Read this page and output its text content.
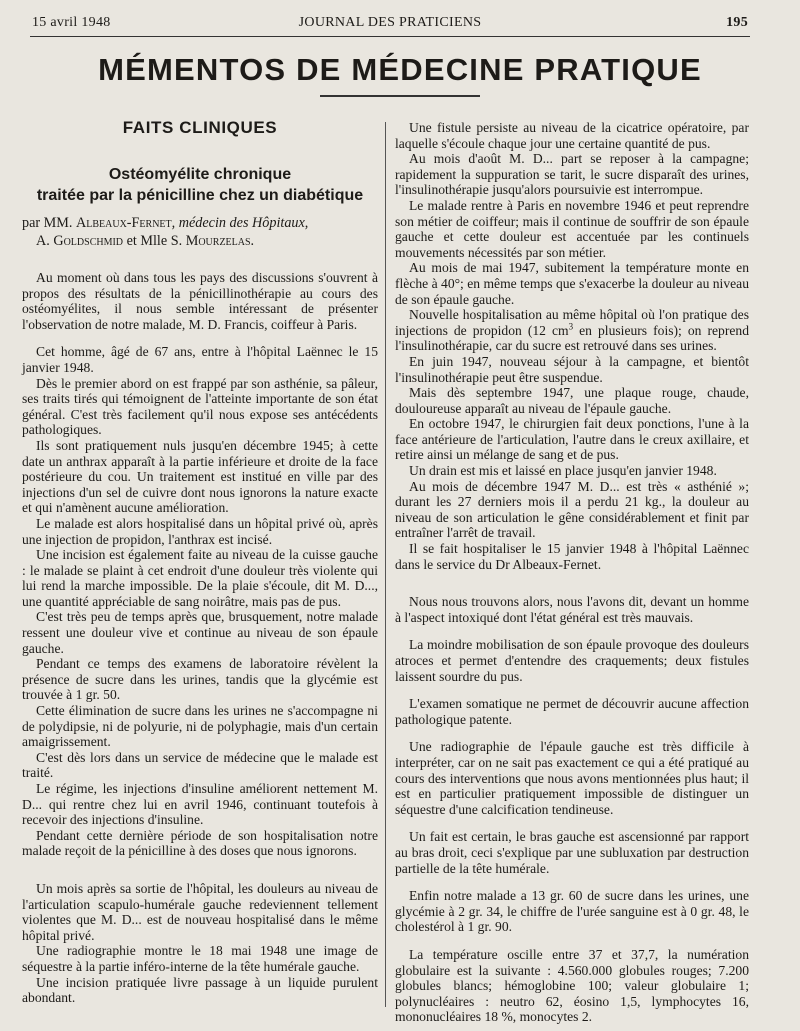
15 avril 1948	JOURNAL DES PRATICIENS	195
MÉMENTOS DE MÉDECINE PRATIQUE
FAITS CLINIQUES
Ostéomyélite chronique
traitée par la pénicilline chez un diabétique
par MM. Albeaux-Fernet, médecin des Hôpitaux,
A. Goldschmid et Mlle S. Mourzelas.

Au moment où dans tous les pays des discussions s'ouvrent à propos des résultats de la pénicillinothérapie au cours des ostéomyélites, il nous semble intéressant de présenter l'observation de notre malade, M. D. Francis, coiffeur à Paris.

Cet homme, âgé de 67 ans, entre à l'hôpital Laënnec le 15 janvier 1948.

Dès le premier abord on est frappé par son asthénie, sa pâleur, ses traits tirés qui témoignent de l'atteinte importante de son état général. C'est très facilement qu'il nous expose ses antécédents pathologiques.

Ils sont pratiquement nuls jusqu'en décembre 1945; à cette date un anthrax apparaît à la partie inférieure et droite de la face postérieure du cou. Un traitement est institué en ville par des injections d'un sel de cuivre dont nous ignorons la nature exacte et qui n'amènent aucune amélioration.

Le malade est alors hospitalisé dans un hôpital privé où, après une injection de propidon, l'anthrax est incisé.

Une incision est également faite au niveau de la cuisse gauche : le malade se plaint à cet endroit d'une douleur très violente qui lui rend la marche impossible. De la plaie s'écoule, dit M. D..., une quantité appréciable de sang noirâtre, mais pas de pus.

C'est très peu de temps après que, brusquement, notre malade ressent une douleur vive et continue au niveau de son épaule gauche.

Pendant ce temps des examens de laboratoire révèlent la présence de sucre dans les urines, tandis que la glycémie est trouvée à 1 gr. 50.

Cette élimination de sucre dans les urines ne s'accompagne ni de polydipsie, ni de polyurie, ni de polyphagie, mais d'un certain amaigrissement.

C'est dès lors dans un service de médecine que le malade est traité.

Le régime, les injections d'insuline améliorent nettement M. D... qui rentre chez lui en avril 1946, continuant toutefois à recevoir des injections d'insuline.

Pendant cette dernière période de son hospitalisation notre malade reçoit de la pénicilline à des doses que nous ignorons.

Un mois après sa sortie de l'hôpital, les douleurs au niveau de l'articulation scapulo-humérale gauche redeviennent tellement violentes que M. D... est de nouveau hospitalisé dans le même hôpital privé.

Une radiographie montre le 18 mai 1948 une image de séquestre à la partie inféro-interne de la tête humérale gauche.

Une incision pratiquée livre passage à un liquide purulent abondant.

Une fistule persiste au niveau de la cicatrice opératoire, par laquelle s'écoule chaque jour une certaine quantité de pus.

Au mois d'août M. D... part se reposer à la campagne; rapidement la suppuration se tarit, le sucre disparaît des urines, l'insulinothérapie jusqu'alors poursuivie est interrompue.

Le malade rentre à Paris en novembre 1946 et peut reprendre son métier de coiffeur; mais il continue de souffrir de son épaule gauche et cette douleur est accentuée par les continuels mouvements nécessités par son métier.

Au mois de mai 1947, subitement la température monte en flèche à 40°; en même temps que s'exacerbe la douleur au niveau de son épaule gauche.

Nouvelle hospitalisation au même hôpital où l'on pratique des injections de propidon (12 $cm^3$ en plusieurs fois); on reprend l'insulinothérapie, car du sucre est retrouvé dans ses urines.

En juin 1947, nouveau séjour à la campagne, et bientôt l'insulinothérapie peut être suspendue.

Mais dès septembre 1947, une plaque rouge, chaude, douloureuse apparaît au niveau de l'épaule gauche.

En octobre 1947, le chirurgien fait deux ponctions, l'une à la face antérieure de l'articulation, l'autre dans le creux axillaire, et retire ainsi un mélange de sang et de pus.

Un drain est mis et laissé en place jusqu'en janvier 1948.

Au mois de décembre 1947 M. D... est très « asthénié »; durant les 27 derniers mois il a perdu 21 kg., la douleur au niveau de son articulation le gêne considérablement et finit par entraîner l'arrêt de travail.

Il se fait hospitaliser le 15 janvier 1948 à l'hôpital Laënnec dans le service du Dr Albeaux-Fernet.

Nous nous trouvons alors, nous l'avons dit, devant un homme à l'aspect intoxiqué dont l'état général est très mauvais.

La moindre mobilisation de son épaule provoque des douleurs atroces et permet d'entendre des craquements; deux fistules laissent sourdre du pus.

L'examen somatique ne permet de découvrir aucune affection pathologique patente.

Une radiographie de l'épaule gauche est très difficile à interpréter, car on ne sait pas exactement ce qui a été pratiqué au cours des interventions que nous avons mentionnées plus haut; il est en particulier pratiquement impossible de distinguer un séquestre d'une calcification tendineuse.

Un fait est certain, le bras gauche est ascensionné par rapport au bras droit, ceci s'explique par une subluxation par destruction partielle de la tête humérale.

Enfin notre malade a 13 gr. 60 de sucre dans les urines, une glycémie à 2 gr. 34, le chiffre de l'urée sanguine est à 0 gr. 48, le cholestérol à 1 gr. 90.

La température oscille entre 37 et 37,7, la numération globulaire est la suivante : 4.560.000 globules rouges; 7.200 globules blancs; hémoglobine 100; valeur globulaire 1; polynucléaires : neutro 62, éosino 1,5, lymphocytes 16, mononucléaires 18 %, monocytes 2.
